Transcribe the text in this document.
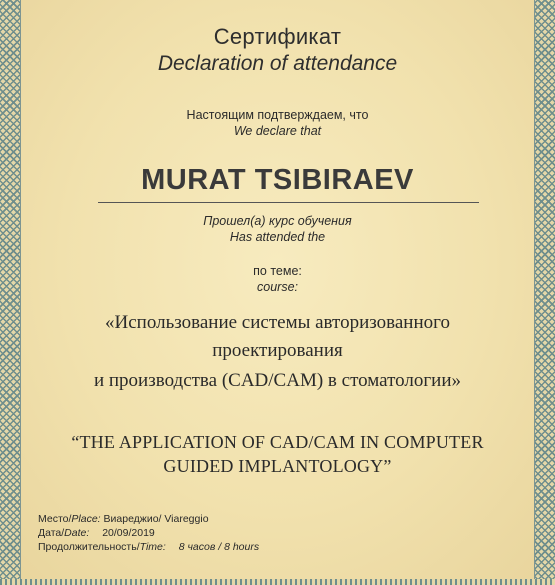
Сертификат
Declaration of attendance
Настоящим подтверждаем, что
We declare that
MURAT TSIBIRAEV
Прошел(а) курс обучения
Has attended the
по теме:
course:
«Использование системы авторизованного
проектирования
и производства (CAD/CAM) в стоматологии»
“THE APPLICATION OF CAD/CAM IN COMPUTER
GUIDED IMPLANTOLOGY”
Место/Place: Виареджио/ Viareggio
Дата/Date: 20/09/2019
Продолжительность/Time: 8 часов / 8 hours
